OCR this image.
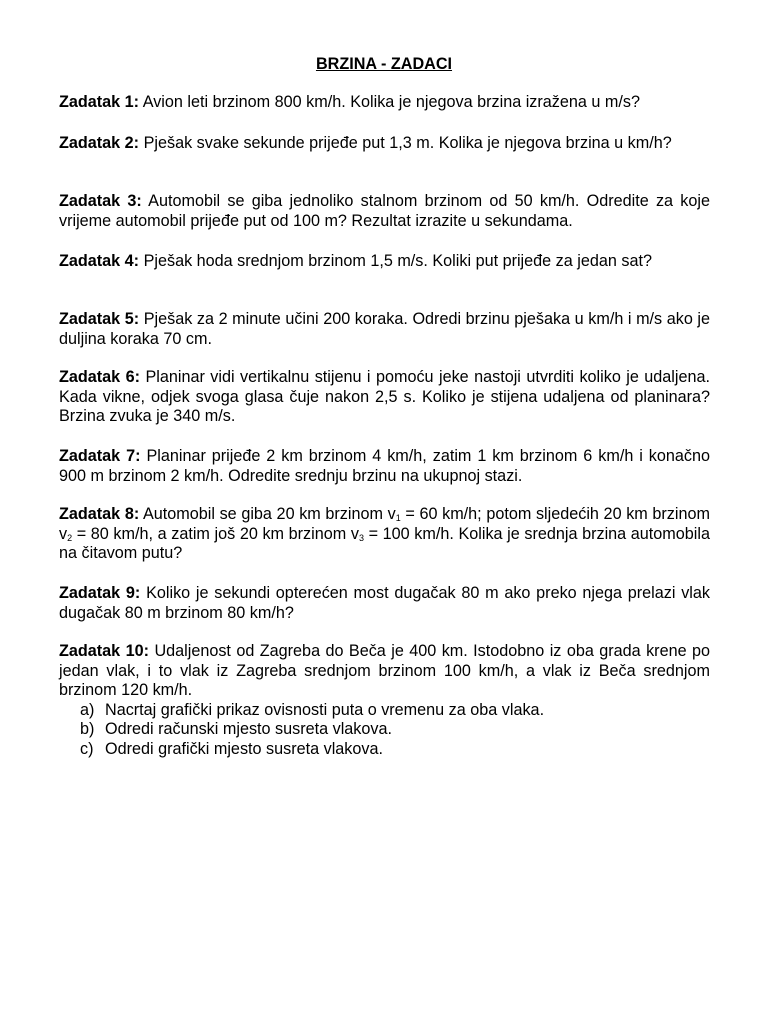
BRZINA - ZADACI

Zadatak 1: Avion leti brzinom 800 km/h. Kolika je njegova brzina izražena u m/s?

Zadatak 2: Pješak svake sekunde prijeđe put 1,3 m. Kolika je njegova brzina u km/h?

Zadatak 3: Automobil se giba jednoliko stalnom brzinom od 50 km/h. Odredite za koje vrijeme automobil prijeđe put od 100 m? Rezultat izrazite u sekundama.

Zadatak 4: Pješak hoda srednjom brzinom 1,5 m/s. Koliki put prijeđe za jedan sat?

Zadatak 5: Pješak za 2 minute učini 200 koraka. Odredi brzinu pješaka u km/h i m/s ako je duljina koraka 70 cm.

Zadatak 6: Planinar vidi vertikalnu stijenu i pomoću jeke nastoji utvrditi koliko je udaljena. Kada vikne, odjek svoga glasa čuje nakon 2,5 s. Koliko je stijena udaljena od planinara? Brzina zvuka je 340 m/s.

Zadatak 7: Planinar prijeđe 2 km brzinom 4 km/h, zatim 1 km brzinom 6 km/h i konačno 900 m brzinom 2 km/h. Odredite srednju brzinu na ukupnoj stazi.

Zadatak 8: Automobil se giba 20 km brzinom $v_1 = 60$ km/h; potom sljedećih 20 km brzinom $v_2 = 80$ km/h, a zatim još 20 km brzinom $v_3 = 100$ km/h. Kolika je srednja brzina automobila na čitavom putu?

Zadatak 9: Koliko je sekundi opterećen most dugačak 80 m ako preko njega prelazi vlak dugačak 80 m brzinom 80 km/h?

Zadatak 10: Udaljenost od Zagreba do Beča je 400 km. Istodobno iz oba grada krene po jedan vlak, i to vlak iz Zagreba srednjom brzinom 100 km/h, a vlak iz Beča srednjom brzinom 120 km/h.
a) Nacrtaj grafički prikaz ovisnosti puta o vremenu za oba vlaka.
b) Odredi računski mjesto susreta vlakova.
c) Odredi grafički mjesto susreta vlakova.
